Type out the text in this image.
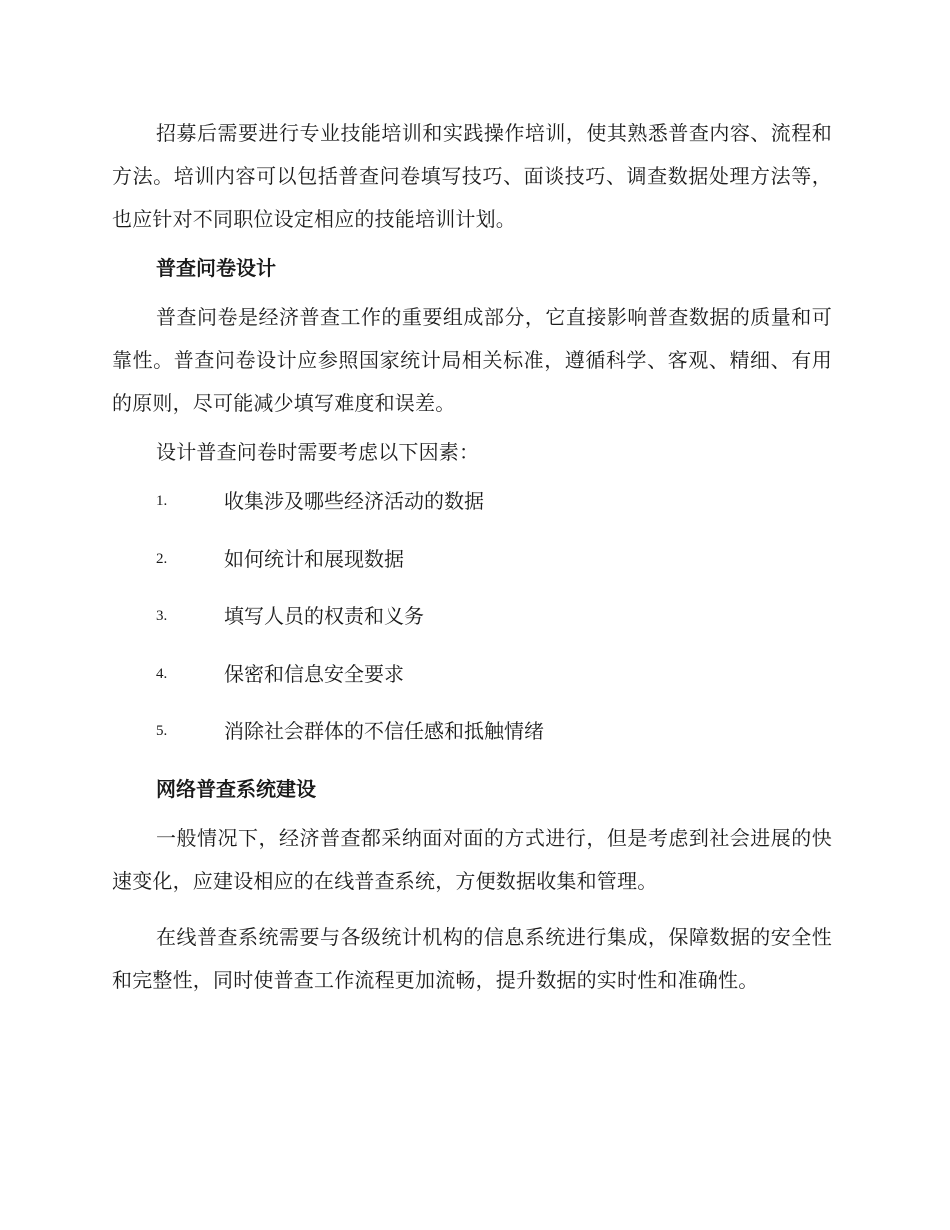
招募后需要进行专业技能培训和实践操作培训，使其熟悉普查内容、流程和方法。培训内容可以包括普查问卷填写技巧、面谈技巧、调查数据处理方法等，也应针对不同职位设定相应的技能培训计划。

普查问卷设计

普查问卷是经济普查工作的重要组成部分，它直接影响普查数据的质量和可靠性。普查问卷设计应参照国家统计局相关标准，遵循科学、客观、精细、有用的原则，尽可能减少填写难度和误差。

设计普查问卷时需要考虑以下因素：

1.	收集涉及哪些经济活动的数据
2.	如何统计和展现数据
3.	填写人员的权责和义务
4.	保密和信息安全要求
5.	消除社会群体的不信任感和抵触情绪
网络普查系统建设

一般情况下，经济普查都采纳面对面的方式进行，但是考虑到社会进展的快速变化，应建设相应的在线普查系统，方便数据收集和管理。

在线普查系统需要与各级统计机构的信息系统进行集成，保障数据的安全性和完整性，同时使普查工作流程更加流畅，提升数据的实时性和准确性。
